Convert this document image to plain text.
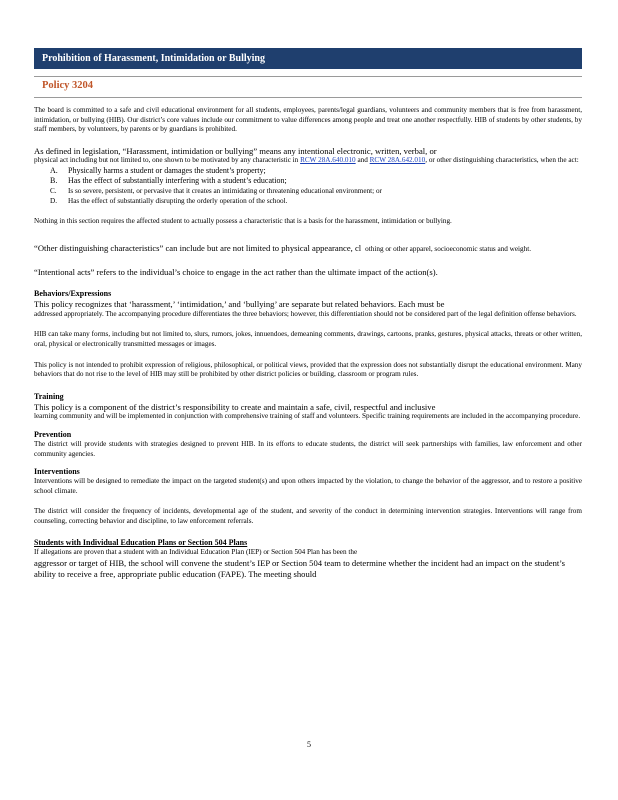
Prohibition of Harassment, Intimidation or Bullying
Policy 3204

The board is committed to a safe and civil educational environment for all students, employees, parents/legal guardians, volunteers and community members that is free from harassment, intimidation, or bullying (HIB). Our district’s core values include our commitment to value differences among people and treat one another respectfully. HIB of students by other students, by staff members, by volunteers, by parents or by guardians is prohibited.

As defined in legislation, “Harassment, intimidation or bullying” means any intentional electronic, written, verbal, or

physical act including but not limited to, one shown to be motivated by any characteristic in RCW 28A.640.010 and RCW 28A.642.010, or other distinguishing characteristics, when the act:

A.	Physically harms a student or damages the student’s property;
B.	Has the effect of substantially interfering with a student’s education;
C.	Is so severe, persistent, or pervasive that it creates an intimidating or threatening educational environment; or
D.	Has the effect of substantially disrupting the orderly operation of the school.

Nothing in this section requires the affected student to actually possess a characteristic that is a basis for the harassment, intimidation or bullying.

“Other distinguishing characteristics” can include but are not limited to physical appearance, cl othing or other apparel, socioeconomic status and weight.

“Intentional acts” refers to the individual’s choice to engage in the act rather than the ultimate impact of the action(s).

Behaviors/Expressions

This policy recognizes that ‘harassment,’ ‘intimidation,’ and ‘bullying’ are separate but related behaviors. Each must be

addressed appropriately. The accompanying procedure differentiates the three behaviors; however, this differentiation should not be considered part of the legal definition offense behaviors.

HIB can take many forms, including but not limited to, slurs, rumors, jokes, innuendoes, demeaning comments, drawings, cartoons, pranks, gestures, physical attacks, threats or other written, oral, physical or electronically transmitted messages or images.

This policy is not intended to prohibit expression of religious, philosophical, or political views, provided that the expression does not substantially disrupt the educational environment. Many behaviors that do not rise to the level of HIB may still be prohibited by other district policies or building, classroom or program rules.

Training

This policy is a component of the district’s responsibility to create and maintain a safe, civil, respectful and inclusive

learning community and will be implemented in conjunction with comprehensive training of staff and volunteers. Specific training requirements are included in the accompanying procedure.

Prevention

The district will provide students with strategies designed to prevent HIB. In its efforts to educate students, the district will seek partnerships with families, law enforcement and other community agencies.

Interventions

Interventions will be designed to remediate the impact on the targeted student(s) and upon others impacted by the violation, to change the behavior of the aggressor, and to restore a positive school climate.

The district will consider the frequency of incidents, developmental age of the student, and severity of the conduct in determining intervention strategies. Interventions will range from counseling, correcting behavior and discipline, to law enforcement referrals.

Students with Individual Education Plans or Section 504 Plans

If allegations are proven that a student with an Individual Education Plan (IEP) or Section 504 Plan has been the

aggressor or target of HIB, the school will convene the student’s IEP or Section 504 team to determine whether the incident had an impact on the student’s ability to receive a free, appropriate public education (FAPE). The meeting should

5
